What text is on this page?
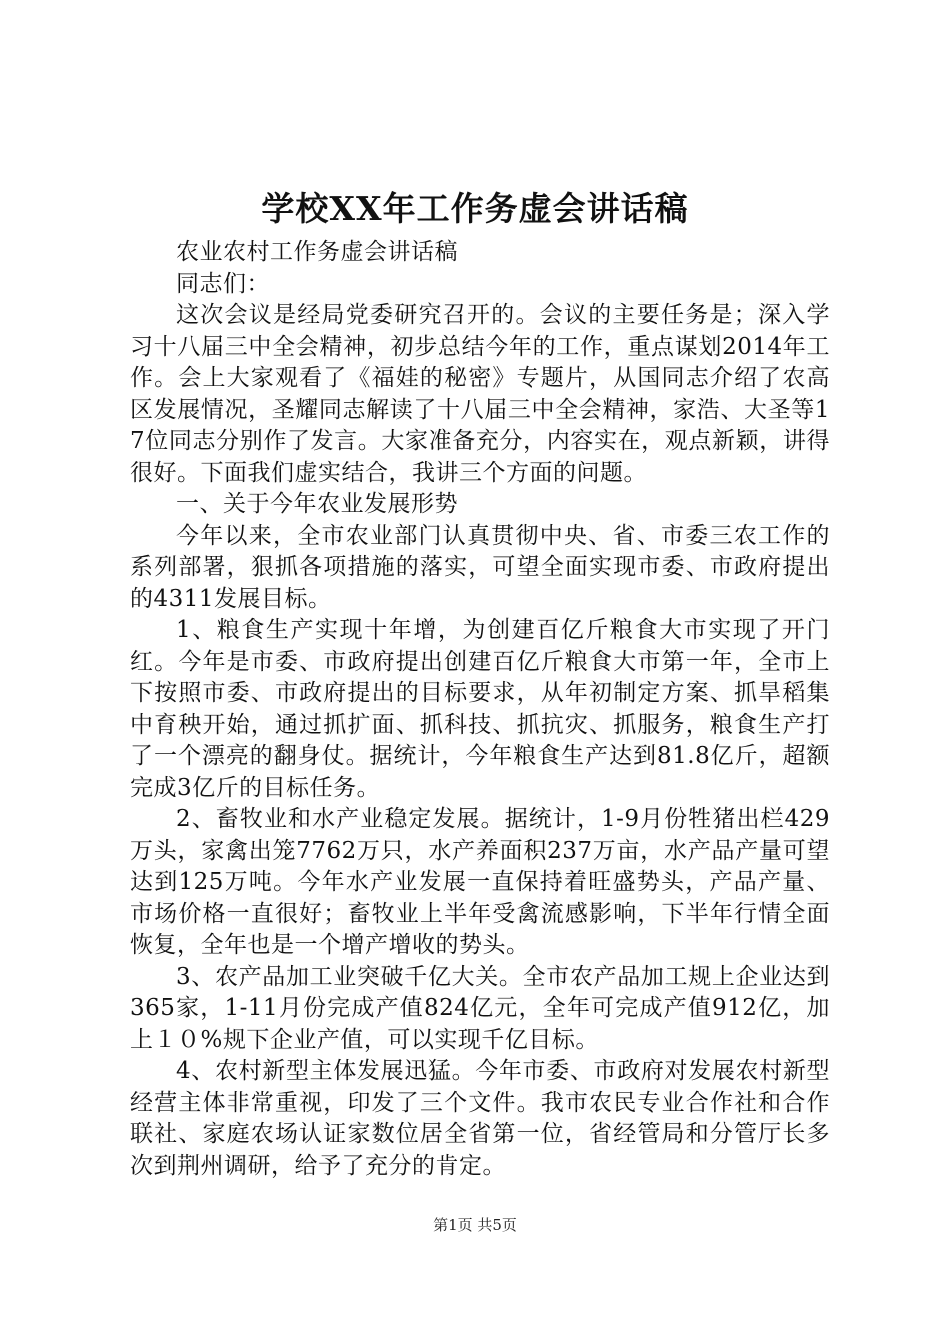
学校XX年工作务虚会讲话稿

农业农村工作务虚会讲话稿

同志们：

这次会议是经局党委研究召开的。会议的主要任务是；深入学习十八届三中全会精神，初步总结今年的工作，重点谋划2014年工作。会上大家观看了《福娃的秘密》专题片，从国同志介绍了农高区发展情况，圣耀同志解读了十八届三中全会精神，家浩、大圣等17位同志分别作了发言。大家准备充分，内容实在，观点新颖，讲得很好。下面我们虚实结合，我讲三个方面的问题。

一、关于今年农业发展形势

今年以来，全市农业部门认真贯彻中央、省、市委三农工作的系列部署，狠抓各项措施的落实，可望全面实现市委、市政府提出的4311发展目标。

1、粮食生产实现十年增，为创建百亿斤粮食大市实现了开门红。今年是市委、市政府提出创建百亿斤粮食大市第一年，全市上下按照市委、市政府提出的目标要求，从年初制定方案、抓旱稻集中育秧开始，通过抓扩面、抓科技、抓抗灾、抓服务，粮食生产打了一个漂亮的翻身仗。据统计，今年粮食生产达到81.8亿斤，超额完成3亿斤的目标任务。

2、畜牧业和水产业稳定发展。据统计，1-9月份牲猪出栏429万头，家禽出笼7762万只，水产养面积237万亩，水产品产量可望达到125万吨。今年水产业发展一直保持着旺盛势头，产品产量、市场价格一直很好；畜牧业上半年受禽流感影响，下半年行情全面恢复，全年也是一个增产增收的势头。

3、农产品加工业突破千亿大关。全市农产品加工规上企业达到365家，1-11月份完成产值824亿元，全年可完成产值912亿，加上１０%规下企业产值，可以实现千亿目标。

4、农村新型主体发展迅猛。今年市委、市政府对发展农村新型经营主体非常重视，印发了三个文件。我市农民专业合作社和合作联社、家庭农场认证家数位居全省第一位，省经管局和分管厅长多次到荆州调研，给予了充分的肯定。

第1页 共5页
